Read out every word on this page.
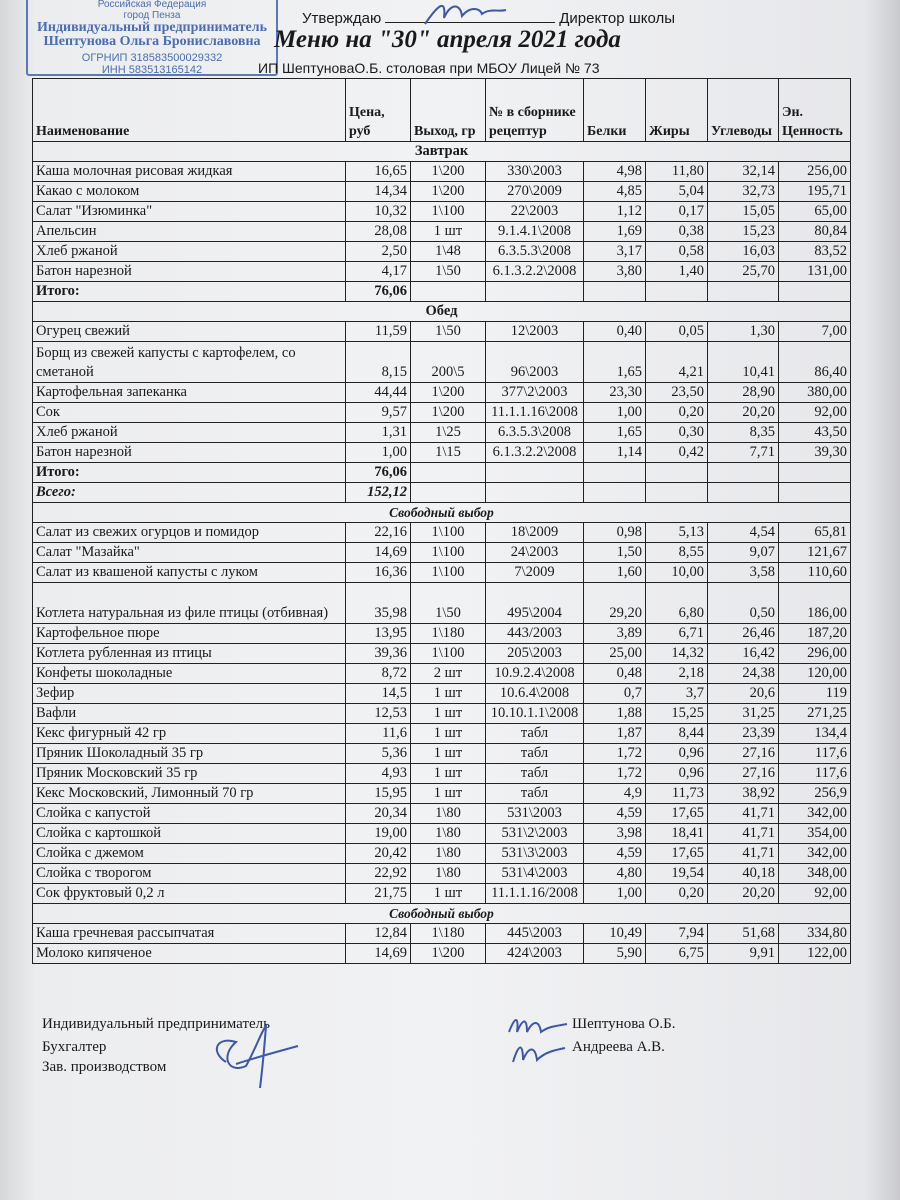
Российская Федерация
город Пенза
Индивидуальный предприниматель
Шептунова Ольга Брониславовна
ОГРНИП 318583500029332
ИНН 583513165142
Утверждаю	Директор школы
Меню на "30" апреля 2021 года
ИП ШептуноваО.Б. столовая при МБОУ Лицей № 73
Наименование	Цена, руб	Выход, гр	№ в сборнике рецептур	Белки	Жиры	Углеводы	Эн. Ценность
Завтрак							
Каша молочная рисовая жидкая	16,65	1\200	330\2003	4,98	11,80	32,14	256,00
Какао с молоком	14,34	1\200	270\2009	4,85	5,04	32,73	195,71
Салат "Изюминка"	10,32	1\100	22\2003	1,12	0,17	15,05	65,00
Апельсин	28,08	1 шт	9.1.4.1\2008	1,69	0,38	15,23	80,84
Хлеб ржаной	2,50	1\48	6.3.5.3\2008	3,17	0,58	16,03	83,52
Батон нарезной	4,17	1\50	6.1.3.2.2\2008	3,80	1,40	25,70	131,00
Итого:	76,06						
Обед							
Огурец свежий	11,59	1\50	12\2003	0,40	0,05	1,30	7,00
Борщ из свежей капусты с картофелем, со сметаной	8,15	200\5	96\2003	1,65	4,21	10,41	86,40
Картофельная запеканка	44,44	1\200	377\2\2003	23,30	23,50	28,90	380,00
Сок	9,57	1\200	11.1.1.16\2008	1,00	0,20	20,20	92,00
Хлеб ржаной	1,31	1\25	6.3.5.3\2008	1,65	0,30	8,35	43,50
Батон нарезной	1,00	1\15	6.1.3.2.2\2008	1,14	0,42	7,71	39,30
Итого:	76,06						
Всего:	152,12						
Свободный выбор							
Салат из свежих огурцов и помидор	22,16	1\100	18\2009	0,98	5,13	4,54	65,81
Салат "Мазайка"	14,69	1\100	24\2003	1,50	8,55	9,07	121,67
Салат из квашеной капусты с луком	16,36	1\100	7\2009	1,60	10,00	3,58	110,60
Котлета натуральная из филе птицы (отбивная)	35,98	1\50	495\2004	29,20	6,80	0,50	186,00
Картофельное пюре	13,95	1\180	443/2003	3,89	6,71	26,46	187,20
Котлета рубленная из птицы	39,36	1\100	205\2003	25,00	14,32	16,42	296,00
Конфеты шоколадные	8,72	2 шт	10.9.2.4\2008	0,48	2,18	24,38	120,00
Зефир	14,5	1 шт	10.6.4\2008	0,7	3,7	20,6	119
Вафли	12,53	1 шт	10.10.1.1\2008	1,88	15,25	31,25	271,25
Кекс фигурный 42 гр	11,6	1 шт	табл	1,87	8,44	23,39	134,4
Пряник Шоколадный 35 гр	5,36	1 шт	табл	1,72	0,96	27,16	117,6
Пряник Московский 35 гр	4,93	1 шт	табл	1,72	0,96	27,16	117,6
Кекс Московский, Лимонный 70 гр	15,95	1 шт	табл	4,9	11,73	38,92	256,9
Слойка с капустой	20,34	1\80	531\2003	4,59	17,65	41,71	342,00
Слойка с картошкой	19,00	1\80	531\2\2003	3,98	18,41	41,71	354,00
Слойка с джемом	20,42	1\80	531\3\2003	4,59	17,65	41,71	342,00
Слойка с творогом	22,92	1\80	531\4\2003	4,80	19,54	40,18	348,00
Сок фруктовый 0,2 л	21,75	1 шт	11.1.1.16/2008	1,00	0,20	20,20	92,00
Свободный выбор							
Каша гречневая рассыпчатая	12,84	1\180	445\2003	10,49	7,94	51,68	334,80
Молоко кипяченое	14,69	1\200	424\2003	5,90	6,75	9,91	122,00
Индивидуальный предприниматель
Бухгалтер
Зав. производством
Шептунова О.Б.
Андреева А.В.
